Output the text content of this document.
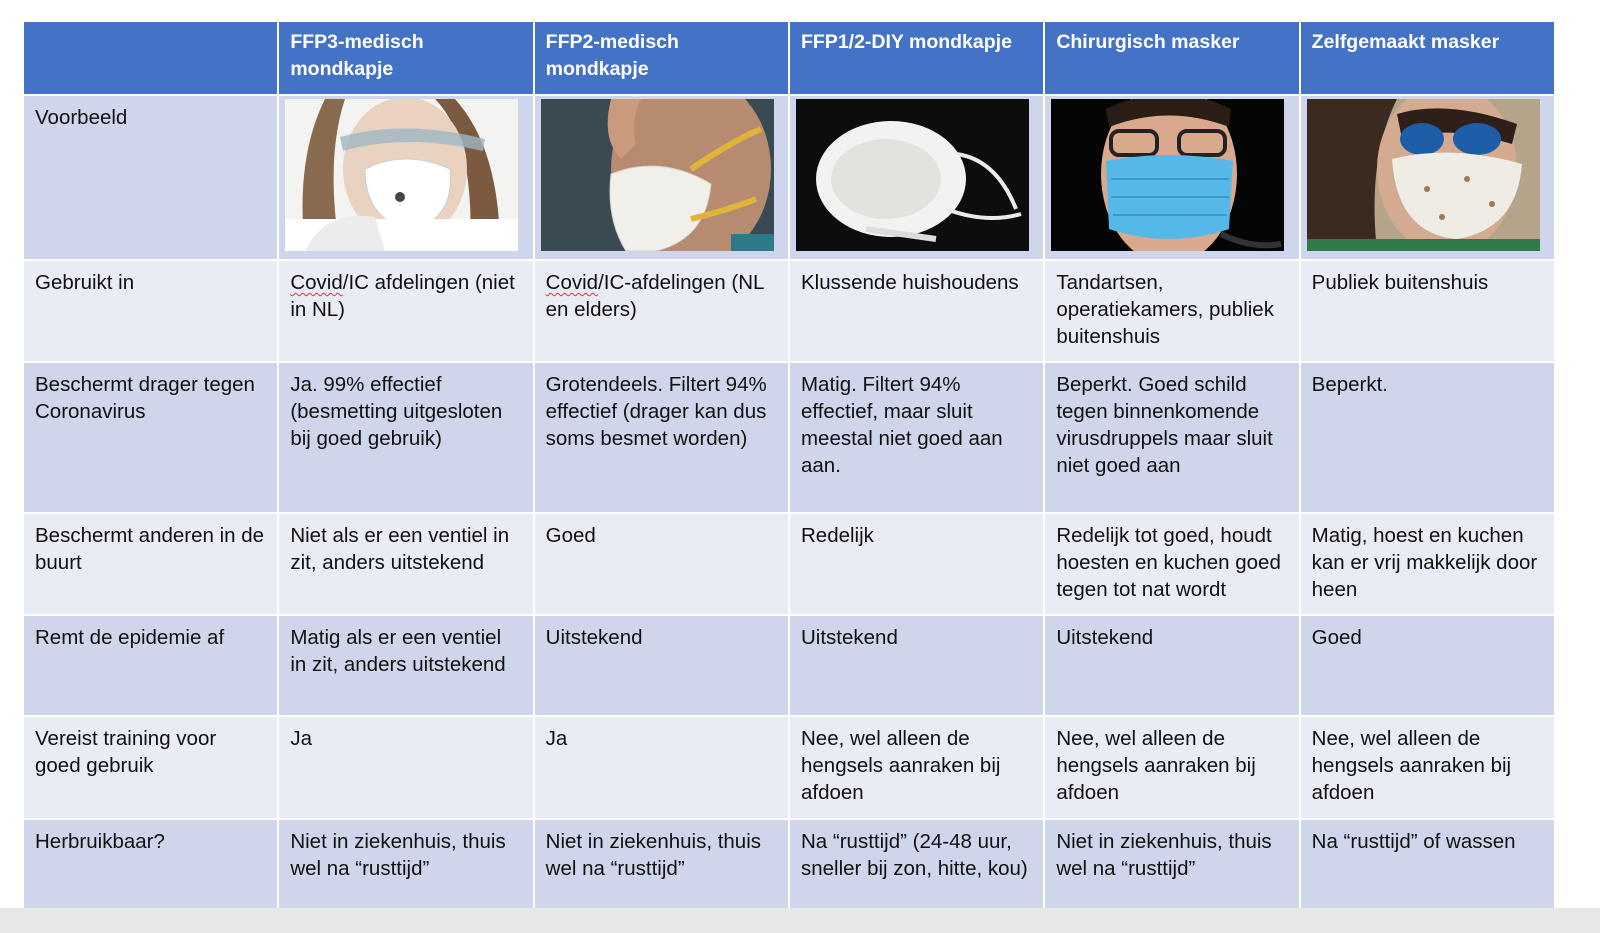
	FFP3-medisch mondkapje	FFP2-medisch mondkapje	FFP1/2-DIY mondkapje	Chirurgisch masker	Zelfgemaakt masker
Voorbeeld	

Gebruikt in	Covid/IC afdelingen (niet in NL)	Covid/IC-afdelingen (NL en elders)	Klussende huishoudens	Tandartsen, operatiekamers, publiek buitenshuis	Publiek buitenshuis
Beschermt drager tegen Coronavirus	Ja. 99% effectief (besmetting uitgesloten bij goed gebruik)	Grotendeels. Filtert 94% effectief (drager kan dus soms besmet worden)	Matig. Filtert 94% effectief, maar sluit meestal niet goed aan aan.	Beperkt. Goed schild tegen binnenkomende virusdruppels maar sluit niet goed aan	Beperkt.
Beschermt anderen in de buurt	Niet als er een ventiel in zit, anders uitstekend	Goed	Redelijk	Redelijk tot goed, houdt hoesten en kuchen goed tegen tot nat wordt	Matig, hoest en kuchen kan er vrij makkelijk door heen
Remt de epidemie af	Matig als er een ventiel in zit, anders uitstekend	Uitstekend	Uitstekend	Uitstekend	Goed
Vereist training voor goed gebruik	Ja	Ja	Nee, wel alleen de hengsels aanraken bij afdoen	Nee, wel alleen de hengsels aanraken bij afdoen	Nee, wel alleen de hengsels aanraken bij afdoen
Herbruikbaar?	Niet in ziekenhuis, thuis wel na “rusttijd”	Niet in ziekenhuis, thuis wel na “rusttijd”	Na “rusttijd” (24-48 uur, sneller bij zon, hitte, kou)	Niet in ziekenhuis, thuis wel na “rusttijd”	Na “rusttijd” of wassen
